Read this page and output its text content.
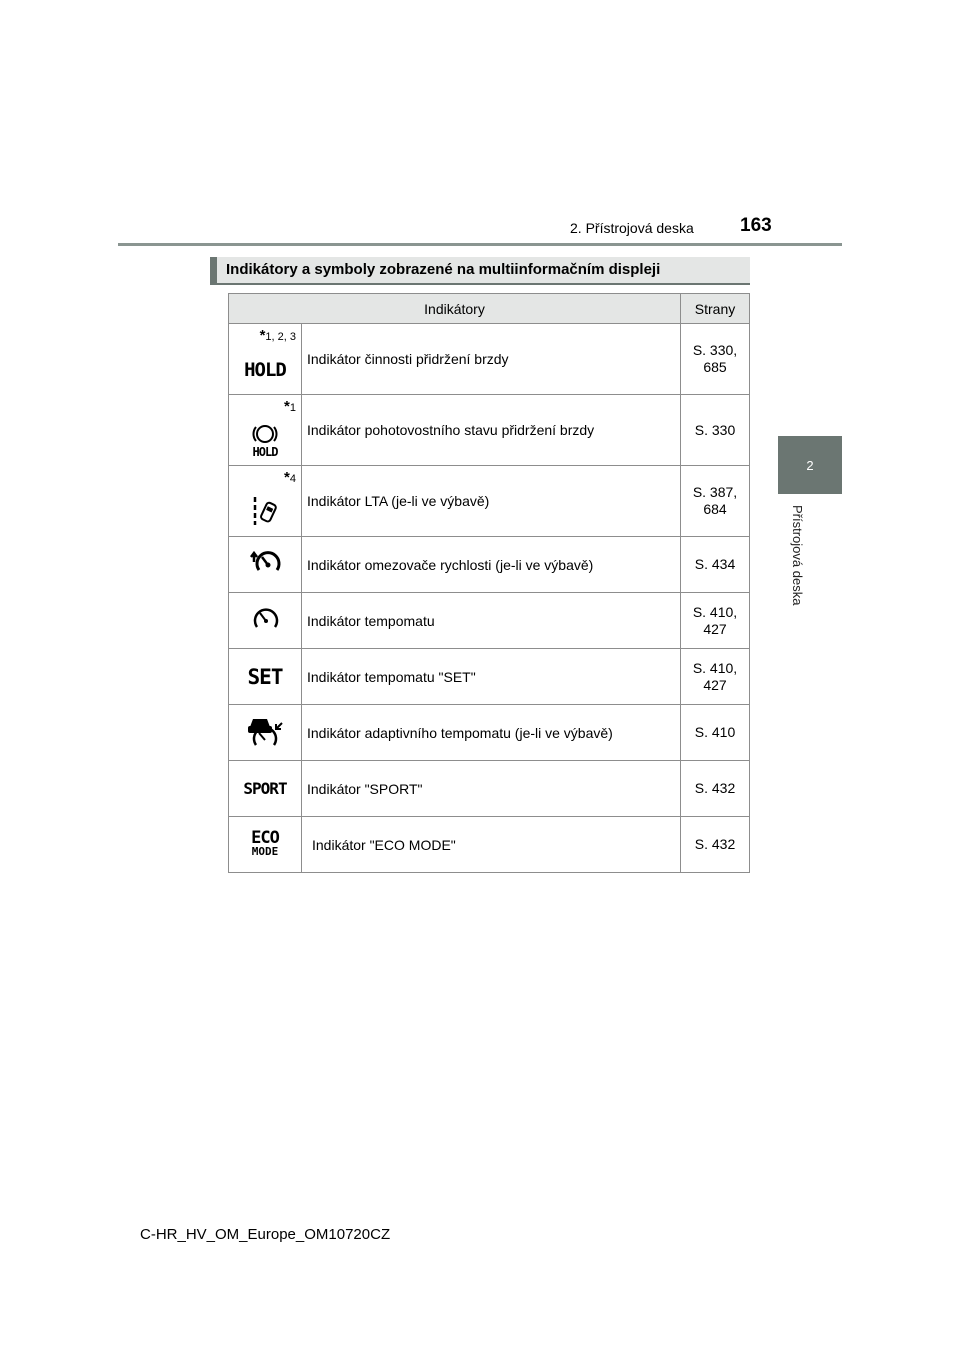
2. Přístrojová deska 163
2
Přístrojová deska
Indikátory a symboly zobrazené na multiinformačním displeji
Indikátory		Strany

*1, 2, 3
HOLD	Indikátor činnosti přidržení brzdy	S. 330, 685

*1

HOLD	Indikátor pohotovostního stavu přidržení brzdy	S. 330

*4	Indikátor LTA (je-li ve výbavě)	S. 387, 684
	Indikátor omezovače rychlosti (je-li ve výbavě)	S. 434
	Indikátor tempomatu	S. 410, 427
SET	Indikátor tempomatu "SET"	S. 410, 427
	Indikátor adaptivního tempomatu (je-li ve výbavě)	S. 410
SPORT	Indikátor "SPORT"	S. 432
ECO
MODE	Indikátor "ECO MODE"	S. 432
C-HR_HV_OM_Europe_OM10720CZ
